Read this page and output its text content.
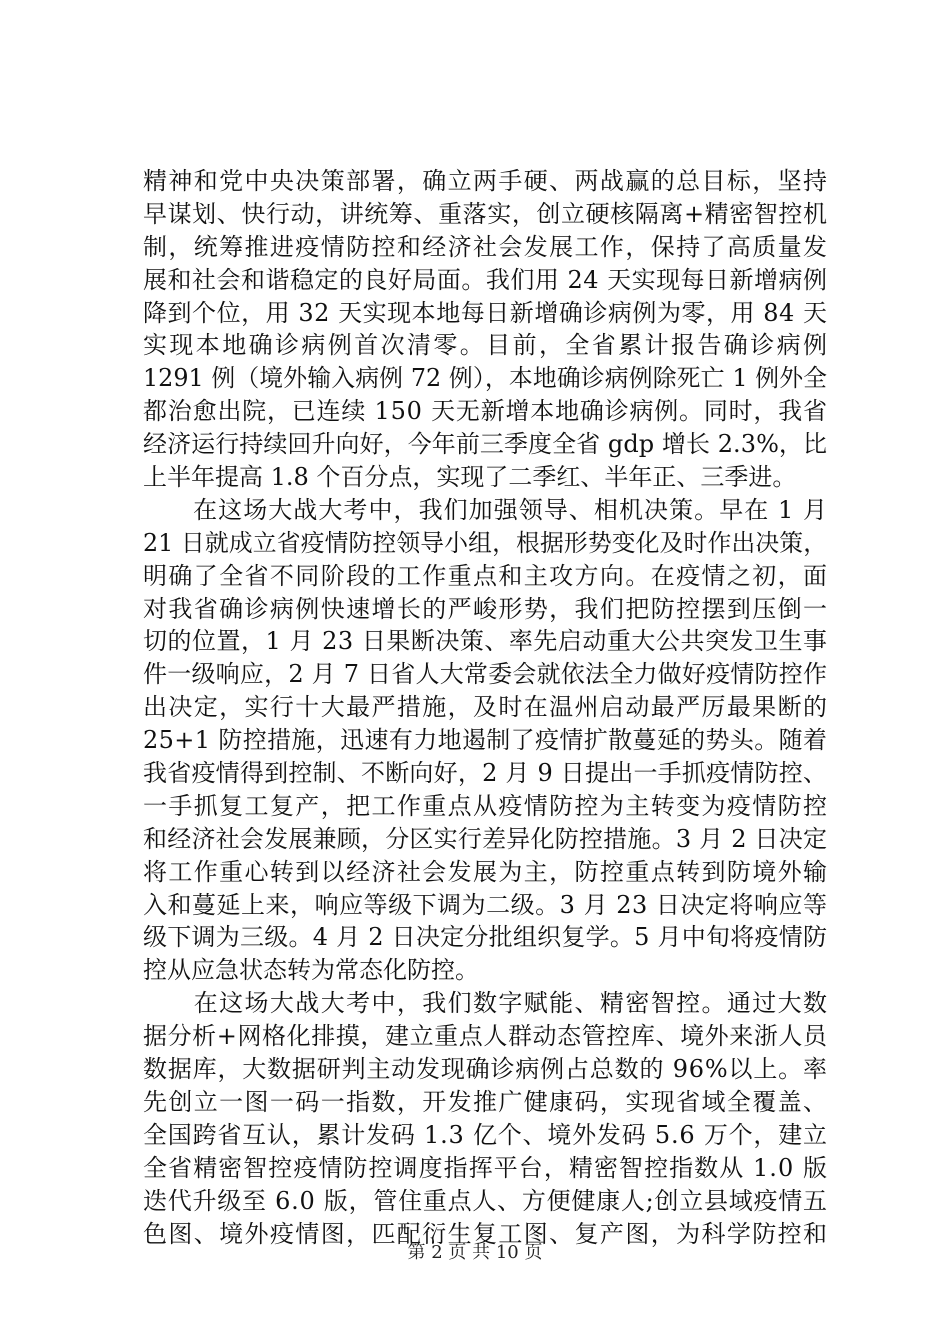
精神和党中央决策部署，确立两手硬、两战赢的总目标，坚持
早谋划、快行动，讲统筹、重落实，创立硬核隔离+精密智控机
制，统筹推进疫情防控和经济社会发展工作，保持了高质量发
展和社会和谐稳定的良好局面。我们用 24 天实现每日新增病例
降到个位，用 32 天实现本地每日新增确诊病例为零，用 84 天
实现本地确诊病例首次清零。目前，全省累计报告确诊病例
1291 例（境外输入病例 72 例），本地确诊病例除死亡 1 例外全
都治愈出院，已连续 150 天无新增本地确诊病例。同时，我省
经济运行持续回升向好，今年前三季度全省 gdp 增长 2.3%，比
上半年提高 1.8 个百分点，实现了二季红、半年正、三季进。
　　在这场大战大考中，我们加强领导、相机决策。早在 1 月
21 日就成立省疫情防控领导小组，根据形势变化及时作出决策，
明确了全省不同阶段的工作重点和主攻方向。在疫情之初，面
对我省确诊病例快速增长的严峻形势，我们把防控摆到压倒一
切的位置，1 月 23 日果断决策、率先启动重大公共突发卫生事
件一级响应，2 月 7 日省人大常委会就依法全力做好疫情防控作
出决定，实行十大最严措施，及时在温州启动最严厉最果断的
25+1 防控措施，迅速有力地遏制了疫情扩散蔓延的势头。随着
我省疫情得到控制、不断向好，2 月 9 日提出一手抓疫情防控、
一手抓复工复产，把工作重点从疫情防控为主转变为疫情防控
和经济社会发展兼顾，分区实行差异化防控措施。3 月 2 日决定
将工作重心转到以经济社会发展为主，防控重点转到防境外输
入和蔓延上来，响应等级下调为二级。3 月 23 日决定将响应等
级下调为三级。4 月 2 日决定分批组织复学。5 月中旬将疫情防
控从应急状态转为常态化防控。
　　在这场大战大考中，我们数字赋能、精密智控。通过大数
据分析+网格化排摸，建立重点人群动态管控库、境外来浙人员
数据库，大数据研判主动发现确诊病例占总数的 96%以上。率
先创立一图一码一指数，开发推广健康码，实现省域全覆盖、
全国跨省互认，累计发码 1.3 亿个、境外发码 5.6 万个，建立
全省精密智控疫情防控调度指挥平台，精密智控指数从 1.0 版
迭代升级至 6.0 版，管住重点人、方便健康人;创立县域疫情五
色图、境外疫情图，匹配衍生复工图、复产图，为科学防控和
第 2 页 共 10 页
